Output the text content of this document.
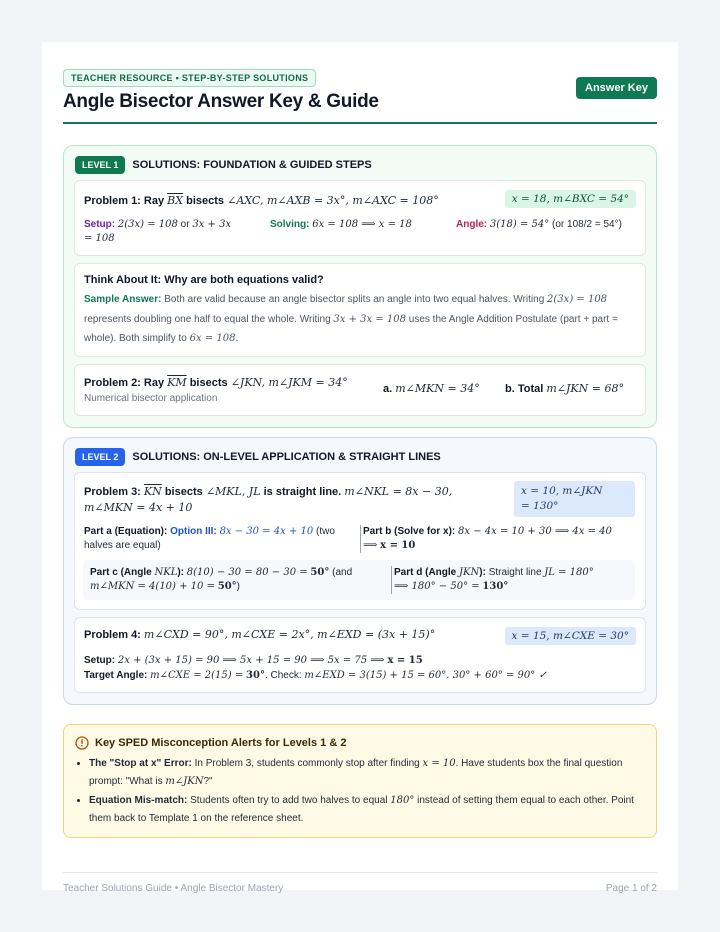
TEACHER RESOURCE • STEP-BY-STEP SOLUTIONS
Angle Bisector Answer Key & Guide
Answer Key
LEVEL 1	SOLUTIONS: FOUNDATION & GUIDED STEPS
Problem 1: Ray $\overline{BX}$ bisects ∠AXC, m∠AXB = 3x°, m∠AXC = 108°	x = 18, m∠BXC = 54°
Setup: 2(3x) = 108 or 3x + 3x
= 108
Solving: 6x = 108 ⟹ x = 18	Angle: 3(18) = 54° (or 108/2 = 54°)
Think About It: Why are both equations valid?
Sample Answer: Both are valid because an angle bisector splits an angle into two equal halves. Writing 2(3x) = 108 represents doubling one half to equal the whole. Writing 3x + 3x = 108 uses the Angle Addition Postulate (part + part = whole). Both simplify to 6x = 108.
Problem 2: Ray $\overline{KM}$ bisects ∠JKN, m∠JKM = 34°
Numerical bisector application
a. m∠MKN = 34° b. Total m∠JKN = 68°
LEVEL 2	SOLUTIONS: ON-LEVEL APPLICATION & STRAIGHT LINES
Problem 3: $\overline{KN}$ bisects ∠MKL, JL is straight line. m∠NKL = 8x − 30,
m∠MKN = 4x + 10
x = 10, m∠JKN
= 130°
Part a (Equation): Option III: 8x − 30 = 4x + 10 (two
halves are equal)
Part b (Solve for x): 8x − 4x = 10 + 30 ⟹ 4x = 40
⟹ x = 10
Part c (Angle NKL): 8(10) − 30 = 80 − 30 = 50° (and
m∠MKN = 4(10) + 10 = 50°)
Part d (Angle JKN): Straight line JL = 180°
⟹ 180° − 50° = 130°
Problem 4: m∠CXD = 90°, m∠CXE = 2x°, m∠EXD = (3x + 15)°	x = 15, m∠CXE = 30°
Setup: 2x + (3x + 15) = 90 ⟹ 5x + 15 = 90 ⟹ 5x = 75 ⟹ x = 15
Target Angle: m∠CXE = 2(15) = 30°. Check: m∠EXD = 3(15) + 15 = 60°. 30° + 60° = 90° ✓
Key SPED Misconception Alerts for Levels 1 & 2
• The "Stop at x" Error: In Problem 3, students commonly stop after finding x = 10. Have students box the final question prompt: "What is m∠JKN?"
• Equation Mis-match: Students often try to add two halves to equal 180° instead of setting them equal to each other. Point them back to Template 1 on the reference sheet.
Teacher Solutions Guide • Angle Bisector Mastery	Page 1 of 2
